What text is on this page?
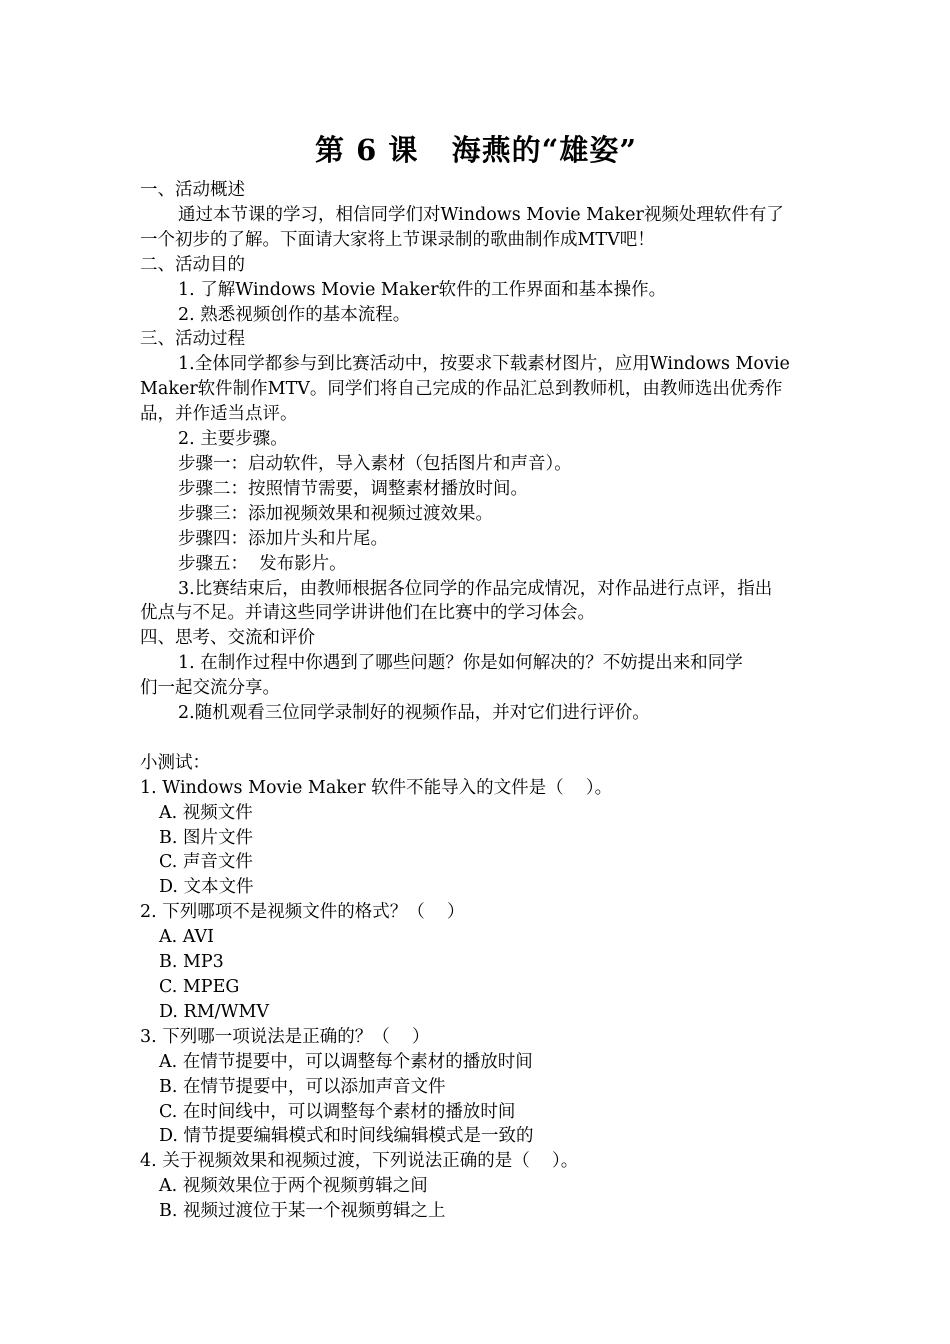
第 6 课   海燕的“雄姿”
一、活动概述
通过本节课的学习，相信同学们对Windows Movie Maker视频处理软件有了
一个初步的了解。下面请大家将上节课录制的歌曲制作成MTV吧！
二、活动目的
1. 了解Windows Movie Maker软件的工作界面和基本操作。
2. 熟悉视频创作的基本流程。
三、活动过程
1.全体同学都参与到比赛活动中，按要求下载素材图片，应用Windows Movie
Maker软件制作MTV。同学们将自己完成的作品汇总到教师机，由教师选出优秀作
品，并作适当点评。
2. 主要步骤。
步骤一：启动软件，导入素材（包括图片和声音）。
步骤二：按照情节需要，调整素材播放时间。
步骤三：添加视频效果和视频过渡效果。
步骤四：添加片头和片尾。
步骤五：  发布影片。
3.比赛结束后，由教师根据各位同学的作品完成情况，对作品进行点评，指出
优点与不足。并请这些同学讲讲他们在比赛中的学习体会。
四、思考、交流和评价
1. 在制作过程中你遇到了哪些问题？你是如何解决的？不妨提出来和同学
们一起交流分享。
2.随机观看三位同学录制好的视频作品，并对它们进行评价。
小测试：
1. Windows Movie Maker 软件不能导入的文件是（    ）。
A. 视频文件
B. 图片文件
C. 声音文件
D. 文本文件
2. 下列哪项不是视频文件的格式？（    ）
A. AVI
B. MP3
C. MPEG
D. RM/WMV
3. 下列哪一项说法是正确的？（    ）
A. 在情节提要中，可以调整每个素材的播放时间
B. 在情节提要中，可以添加声音文件
C. 在时间线中，可以调整每个素材的播放时间
D. 情节提要编辑模式和时间线编辑模式是一致的
4. 关于视频效果和视频过渡，下列说法正确的是（    ）。
A. 视频效果位于两个视频剪辑之间
B. 视频过渡位于某一个视频剪辑之上
